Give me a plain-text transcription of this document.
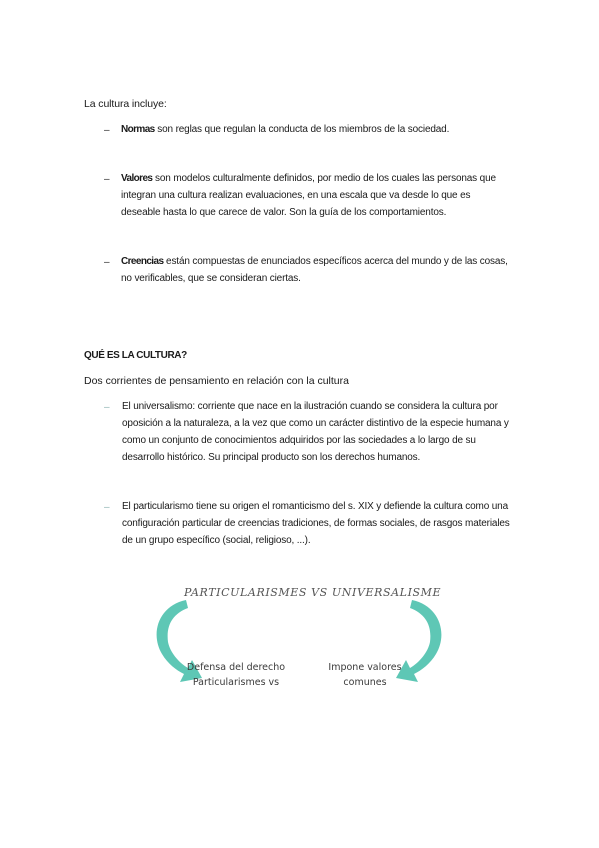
La cultura incluye:
– Normas son reglas que regulan la conducta de los miembros de la sociedad.
– Valores son modelos culturalmente definidos, por medio de los cuales las personas que integran una cultura realizan evaluaciones, en una escala que va desde lo que es deseable hasta lo que carece de valor. Son la guía de los comportamientos.
– Creencias están compuestas de enunciados específicos acerca del mundo y de las cosas, no verificables, que se consideran ciertas.
QUÉ ES LA CULTURA?
Dos corrientes de pensamiento en relación con la cultura
– El universalismo: corriente que nace en la ilustración cuando se considera la cultura por oposición a la naturaleza, a la vez que como un carácter distintivo de la especie humana y como un conjunto de conocimientos adquiridos por las sociedades a lo largo de su desarrollo histórico. Su principal producto son los derechos humanos.
– El particularismo tiene su origen el romanticismo del s. XIX y defiende la cultura como una configuración particular de creencias tradiciones, de formas sociales, de rasgos materiales de un grupo específico (social, religioso, ...).
PARTICULARISMES VS UNIVERSALISME
Defensa del derecho
Particularismes vs
Impone valores
comunes
